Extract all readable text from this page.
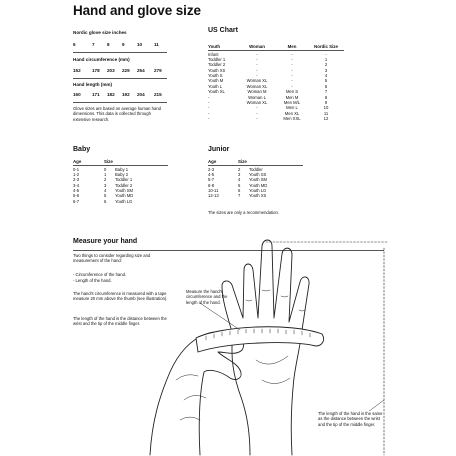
Hand and glove size
Nordic glove size inches
6	7	8	9	10	11
Hand circumference (mm)
152	178	203	229	254	279
Hand length (mm)
160	171	182	192	204	215
Glove sizes are based on average human hand dimensions. This data is collected through extensive research.
US Chart
Youth	Woman	Men	Nordic Size
Infant	-	-	-
Toddler 1	-	-	1
Toddler 2	-	-	2
Youth XS	-	-	3
Youth S	-	-	4
Youth M	Woman XL	-	5
Youth L	Woman XL	-	6
Youth XL	Woman M	Men S	7
-	Woman L	Men M	8
-	Woman XL	Men M/L	9
-	-	Men L	10
-	-	Men XL	11
-	-	Men XXL	12
Baby
Age	Size
0-1	0	Baby 1
1-2	1	Baby 2
2-3	2	Toddler 1
3-4	3	Toddler 2
4-5	4	Youth SM
5-6	5	Youth MD
6-7	6	Youth LG
Junior
Age	Size
2-3	2	Toddler
4-5	3	Youth SS
5-7	4	Youth SM
6-8	5	Youth MD
10-11	6	Youth LG
12-13	7	Youth XS
The sizes are only a recommendation.
Measure your hand
Two things to consider regarding size and measurement of the hand:
- Circumference of the hand.
- Length of the hand.
The hand's circumference is measured with a tape measure 20 mm above the thumb (see illustration).
The length of the hand is the distance between the wrist and the tip of the middle finger.
Measure the hand's circumference and the length of the hand.
The length of the hand is the same as the distance between the wrist and the tip of the middle finger.
